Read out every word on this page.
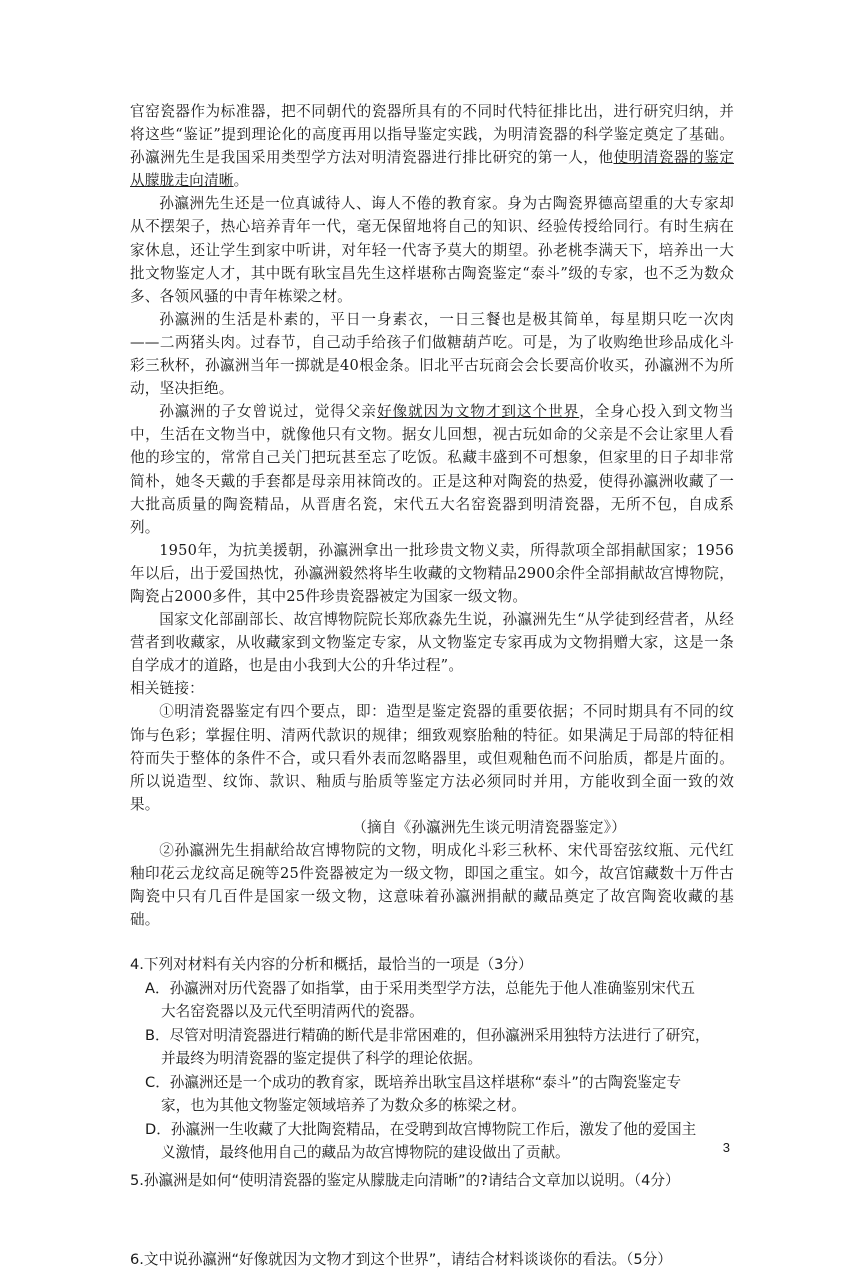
官窑瓷器作为标准器，把不同朝代的瓷器所具有的不同时代特征排比出，进行研究归纳，并将这些“鉴证”提到理论化的高度再用以指导鉴定实践，为明清瓷器的科学鉴定奠定了基础。孙瀛洲先生是我国采用类型学方法对明清瓷器进行排比研究的第一人，他使明清瓷器的鉴定从朦胧走向清晰。

孙瀛洲先生还是一位真诚待人、诲人不倦的教育家。身为古陶瓷界德高望重的大专家却从不摆架子，热心培养青年一代，毫无保留地将自己的知识、经验传授给同行。有时生病在家休息，还让学生到家中听讲，对年轻一代寄予莫大的期望。孙老桃李满天下，培养出一大批文物鉴定人才，其中既有耿宝昌先生这样堪称古陶瓷鉴定“泰斗”级的专家，也不乏为数众多、各领风骚的中青年栋梁之材。

孙瀛洲的生活是朴素的，平日一身素衣，一日三餐也是极其简单，每星期只吃一次肉——二两猪头肉。过春节，自己动手给孩子们做糖葫芦吃。可是，为了收购绝世珍品成化斗彩三秋杯，孙瀛洲当年一掷就是40根金条。旧北平古玩商会会长要高价收买，孙瀛洲不为所动，坚决拒绝。

孙瀛洲的子女曾说过，觉得父亲好像就因为文物才到这个世界，全身心投入到文物当中，生活在文物当中，就像他只有文物。据女儿回想，视古玩如命的父亲是不会让家里人看他的珍宝的，常常自己关门把玩甚至忘了吃饭。私藏丰盛到不可想象，但家里的日子却非常简朴，她冬天戴的手套都是母亲用袜筒改的。正是这种对陶瓷的热爱，使得孙瀛洲收藏了一大批高质量的陶瓷精品，从晋唐名瓷，宋代五大名窑瓷器到明清瓷器，无所不包，自成系列。

1950年，为抗美援朝，孙瀛洲拿出一批珍贵文物义卖，所得款项全部捐献国家；1956年以后，出于爱国热忱，孙瀛洲毅然将毕生收藏的文物精品2900余件全部捐献故宫博物院，陶瓷占2000多件，其中25件珍贵瓷器被定为国家一级文物。

国家文化部副部长、故宫博物院院长郑欣淼先生说，孙瀛洲先生“从学徒到经营者，从经营者到收藏家，从收藏家到文物鉴定专家，从文物鉴定专家再成为文物捐赠大家，这是一条自学成才的道路，也是由小我到大公的升华过程”。

相关链接：

①明清瓷器鉴定有四个要点，即：造型是鉴定瓷器的重要依据；不同时期具有不同的纹饰与色彩；掌握住明、清两代款识的规律；细致观察胎釉的特征。如果满足于局部的特征相符而失于整体的条件不合，或只看外表而忽略器里，或但观釉色而不问胎质，都是片面的。所以说造型、纹饰、款识、釉质与胎质等鉴定方法必须同时并用，方能收到全面一致的效果。

（摘自《孙瀛洲先生谈元明清瓷器鉴定》）

②孙瀛洲先生捐献给故宫博物院的文物，明成化斗彩三秋杯、宋代哥窑弦纹瓶、元代红釉印花云龙纹高足碗等25件瓷器被定为一级文物，即国之重宝。如今，故宫馆藏数十万件古陶瓷中只有几百件是国家一级文物，这意味着孙瀛洲捐献的藏品奠定了故宫陶瓷收藏的基础。

4.下列对材料有关内容的分析和概括，最恰当的一项是（3分）

A．孙瀛洲对历代瓷器了如指掌，由于采用类型学方法，总能先于他人准确鉴别宋代五
大名窑瓷器以及元代至明清两代的瓷器。

B．尽管对明清瓷器进行精确的断代是非常困难的，但孙瀛洲采用独特方法进行了研究，
并最终为明清瓷器的鉴定提供了科学的理论依据。

C．孙瀛洲还是一个成功的教育家，既培养出耿宝昌这样堪称“泰斗”的古陶瓷鉴定专
家，也为其他文物鉴定领域培养了为数众多的栋梁之材。

D．孙瀛洲一生收藏了大批陶瓷精品，在受聘到故宫博物院工作后，激发了他的爱国主
义激情，最终他用自己的藏品为故宫博物院的建设做出了贡献。

5.孙瀛洲是如何“使明清瓷器的鉴定从朦胧走向清晰”的?请结合文章加以说明。（4分）

6.文中说孙瀛洲“好像就因为文物才到这个世界”，请结合材料谈谈你的看法。（5分）

3
